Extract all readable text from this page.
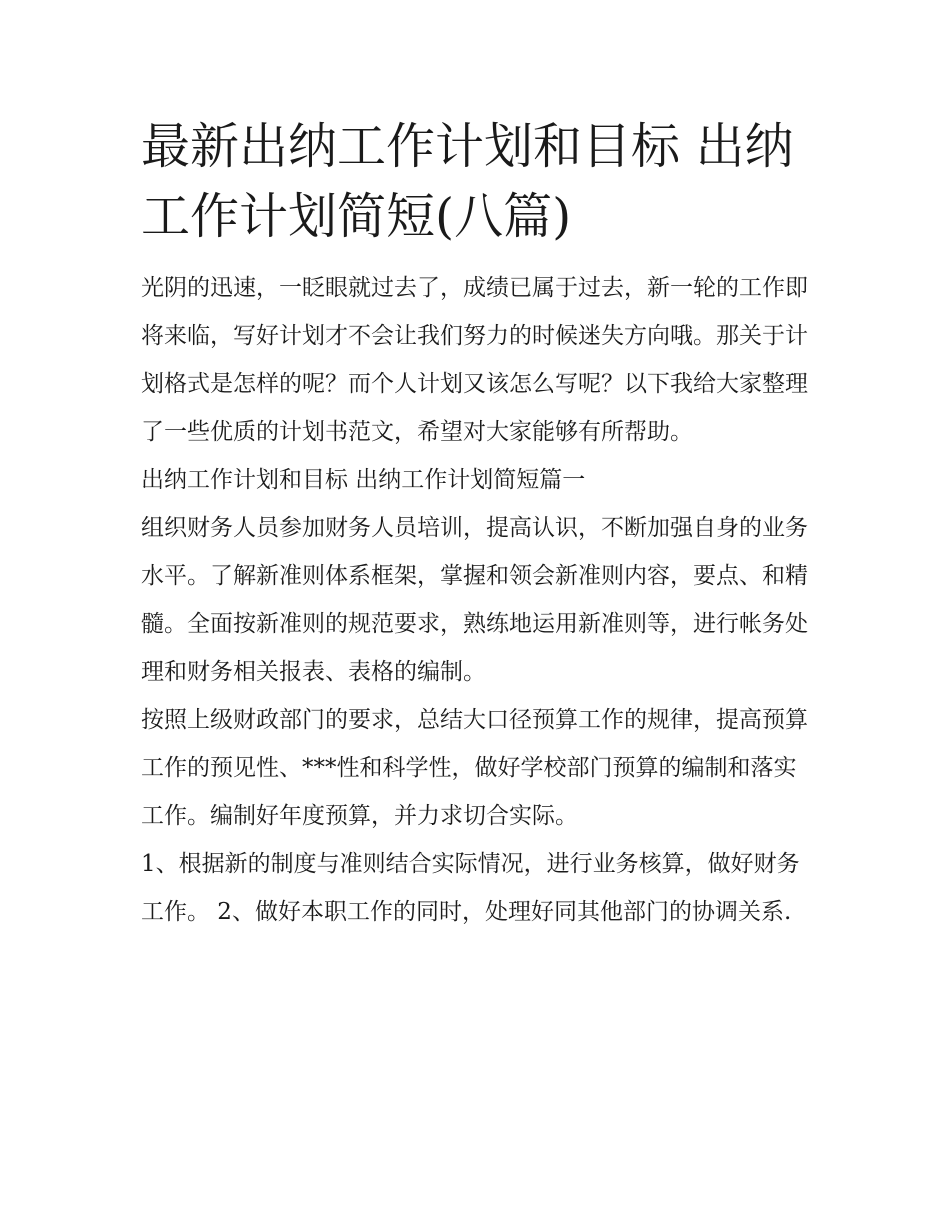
最新出纳工作计划和目标 出纳工作计划简短(八篇)
光阴的迅速，一眨眼就过去了，成绩已属于过去，新一轮的工作即将来临，写好计划才不会让我们努力的时候迷失方向哦。那关于计划格式是怎样的呢？而个人计划又该怎么写呢？以下我给大家整理了一些优质的计划书范文，希望对大家能够有所帮助。
出纳工作计划和目标 出纳工作计划简短篇一
组织财务人员参加财务人员培训，提高认识，不断加强自身的业务水平。了解新准则体系框架，掌握和领会新准则内容，要点、和精髓。全面按新准则的规范要求，熟练地运用新准则等，进行帐务处理和财务相关报表、表格的编制。
按照上级财政部门的要求，总结大口径预算工作的规律，提高预算工作的预见性、***性和科学性，做好学校部门预算的编制和落实工作。编制好年度预算，并力求切合实际。
1、根据新的制度与准则结合实际情况，进行业务核算，做好财务工作。 2、做好本职工作的同时，处理好同其他部门的协调关系.
